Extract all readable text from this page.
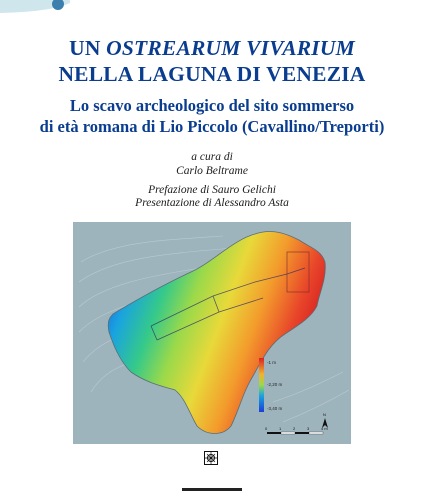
UN OSTREARUM VIVARIUM
NELLA LAGUNA DI VENEZIA
Lo scavo archeologico del sito sommerso
di età romana di Lio Piccolo (Cavallino/Treporti)
a cura di
Carlo Beltrame
Prefazione di Sauro Gelichi
Presentazione di Alessandro Asta
-1 m
-2,20 m
-3,40 m
N
0	1	2	3	4 m
